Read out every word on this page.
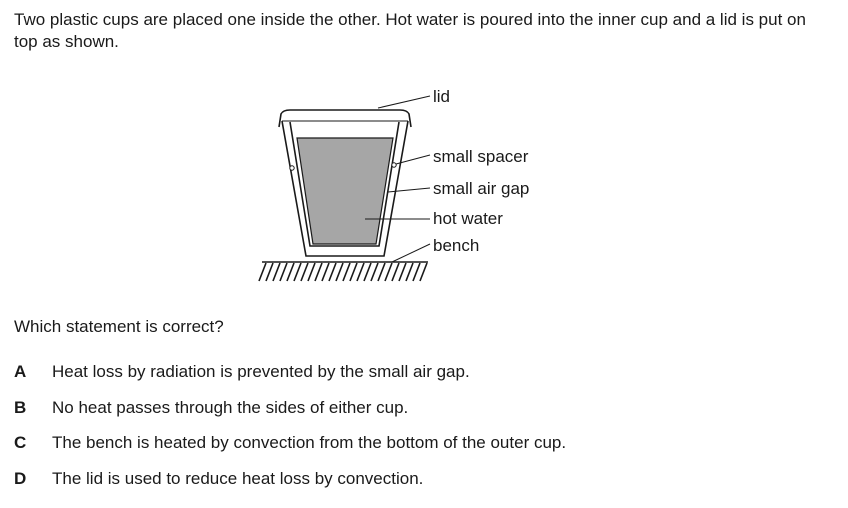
Two plastic cups are placed one inside the other. Hot water is poured into the inner cup and a lid is put on top as shown.
lid
small spacer
small air gap
hot water
bench
Which statement is correct?
A Heat loss by radiation is prevented by the small air gap.
B No heat passes through the sides of either cup.
C The bench is heated by convection from the bottom of the outer cup.
D The lid is used to reduce heat loss by convection.
